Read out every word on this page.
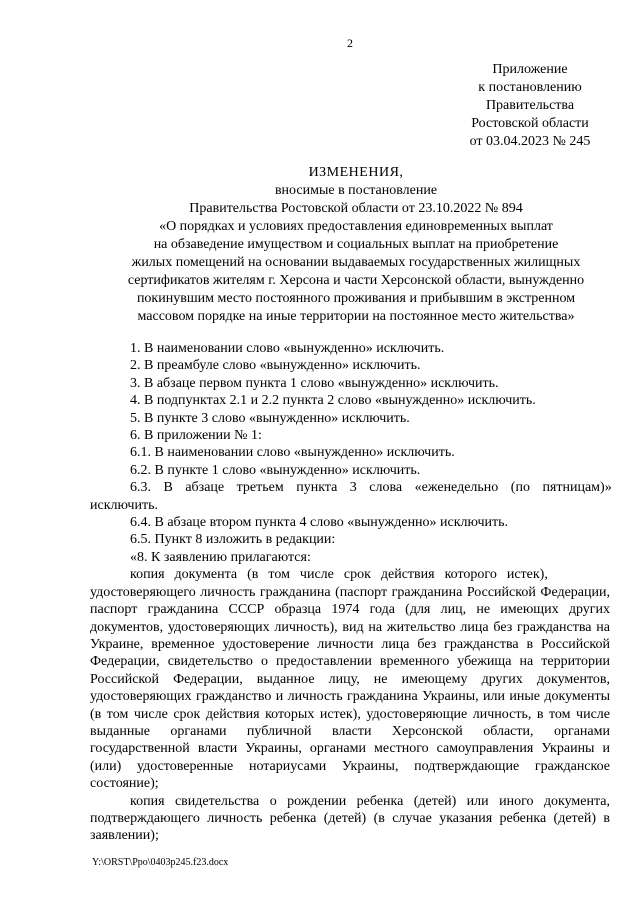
2
Приложение
к постановлению
Правительства
Ростовской области
от 03.04.2023 № 245
ИЗМЕНЕНИЯ,
вносимые в постановление
Правительства Ростовской области от 23.10.2022 № 894
«О порядках и условиях предоставления единовременных выплат
на обзаведение имуществом и социальных выплат на приобретение
жилых помещений на основании выдаваемых государственных жилищных
сертификатов жителям г. Херсона и части Херсонской области, вынужденно
покинувшим место постоянного проживания и прибывшим в экстренном
массовом порядке на иные территории на постоянное место жительства»
1. В наименовании слово «вынужденно» исключить.
2. В преамбуле слово «вынужденно» исключить.
3. В абзаце первом пункта 1 слово «вынужденно» исключить.
4. В подпунктах 2.1 и 2.2 пункта 2 слово «вынужденно» исключить.
5. В пункте 3 слово «вынужденно» исключить.
6. В приложении № 1:
6.1. В наименовании слово «вынужденно» исключить.
6.2. В пункте 1 слово «вынужденно» исключить.
6.3. В абзаце третьем пункта 3 слова «еженедельно (по пятницам)»
исключить.
6.4. В абзаце втором пункта 4 слово «вынужденно» исключить.
6.5. Пункт 8 изложить в редакции:
«8. К заявлению прилагаются:
копия документа (в том числе срок действия которого истек),
удостоверяющего личность гражданина (паспорт гражданина Российской Федерации, паспорт гражданина СССР образца 1974 года (для лиц, не имеющих других документов, удостоверяющих личность), вид на жительство лица без гражданства на Украине, временное удостоверение личности лица без гражданства в Российской Федерации, свидетельство о предоставлении временного убежища на территории Российской Федерации, выданное лицу, не имеющему других документов, удостоверяющих гражданство и личность гражданина Украины, или иные документы (в том числе срок действия которых истек), удостоверяющие личность, в том числе выданные органами публичной власти Херсонской области, органами государственной власти Украины, органами местного самоуправления Украины и (или) удостоверенные нотариусами Украины, подтверждающие гражданское состояние);
копия свидетельства о рождении ребенка (детей) или иного документа, подтверждающего личность ребенка (детей) (в случае указания ребенка (детей) в заявлении);
Y:\ORST\Ppo\0403p245.f23.docx
